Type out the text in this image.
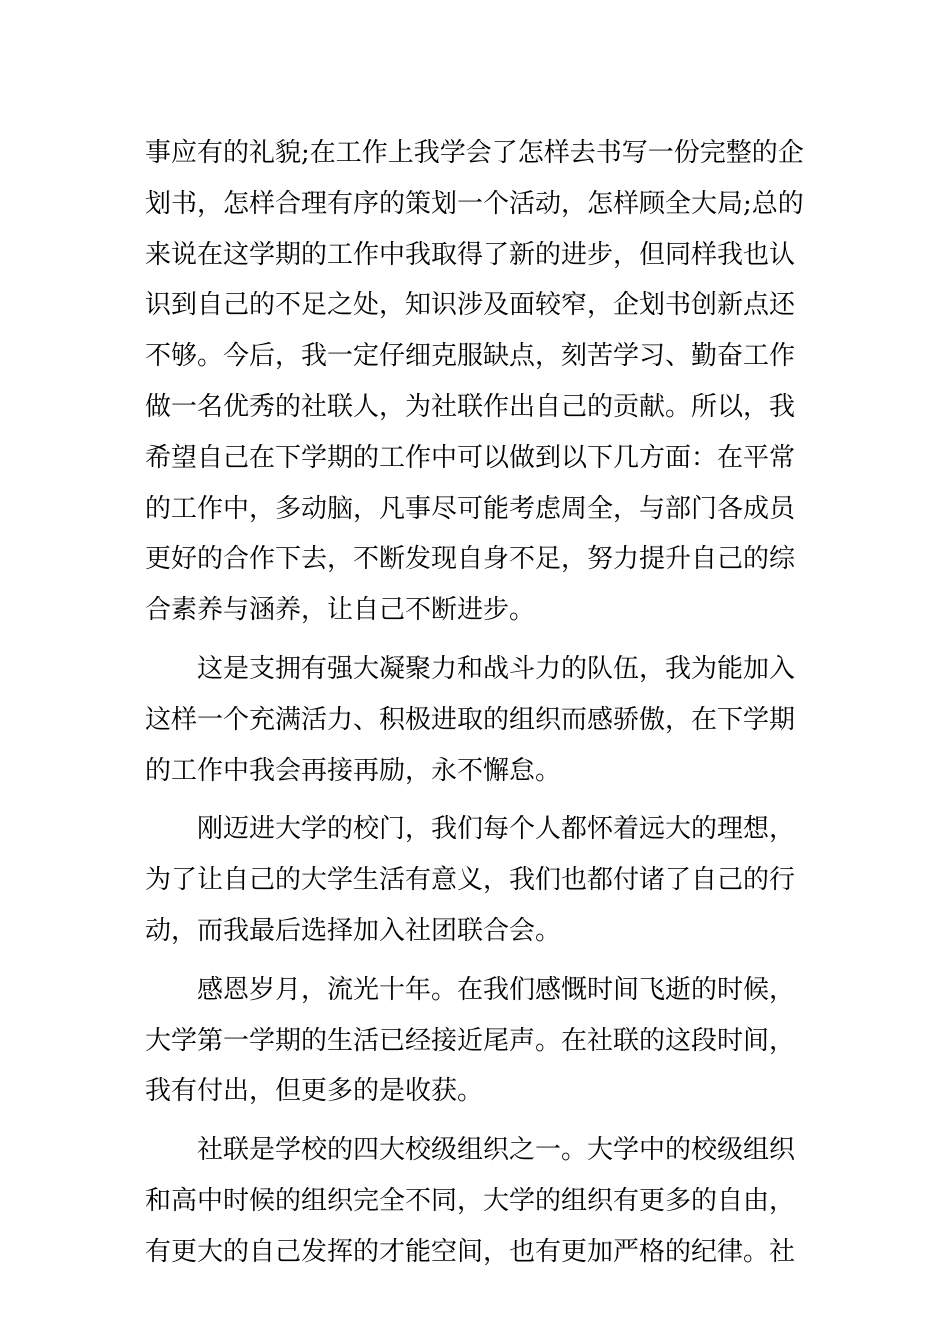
事应有的礼貌;在工作上我学会了怎样去书写一份完整的企
划书，怎样合理有序的策划一个活动，怎样顾全大局;总的
来说在这学期的工作中我取得了新的进步，但同样我也认
识到自己的不足之处，知识涉及面较窄，企划书创新点还
不够。今后，我一定仔细克服缺点，刻苦学习、勤奋工作
做一名优秀的社联人，为社联作出自己的贡献。所以，我
希望自己在下学期的工作中可以做到以下几方面：在平常
的工作中，多动脑，凡事尽可能考虑周全，与部门各成员
更好的合作下去，不断发现自身不足，努力提升自己的综
合素养与涵养，让自己不断进步。
　　这是支拥有强大凝聚力和战斗力的队伍，我为能加入
这样一个充满活力、积极进取的组织而感骄傲，在下学期
的工作中我会再接再励，永不懈怠。
　　刚迈进大学的校门，我们每个人都怀着远大的理想，
为了让自己的大学生活有意义，我们也都付诸了自己的行
动，而我最后选择加入社团联合会。
　　感恩岁月，流光十年。在我们感慨时间飞逝的时候，
大学第一学期的生活已经接近尾声。在社联的这段时间，
我有付出，但更多的是收获。
　　社联是学校的四大校级组织之一。大学中的校级组织
和高中时候的组织完全不同，大学的组织有更多的自由，
有更大的自己发挥的才能空间，也有更加严格的纪律。社
